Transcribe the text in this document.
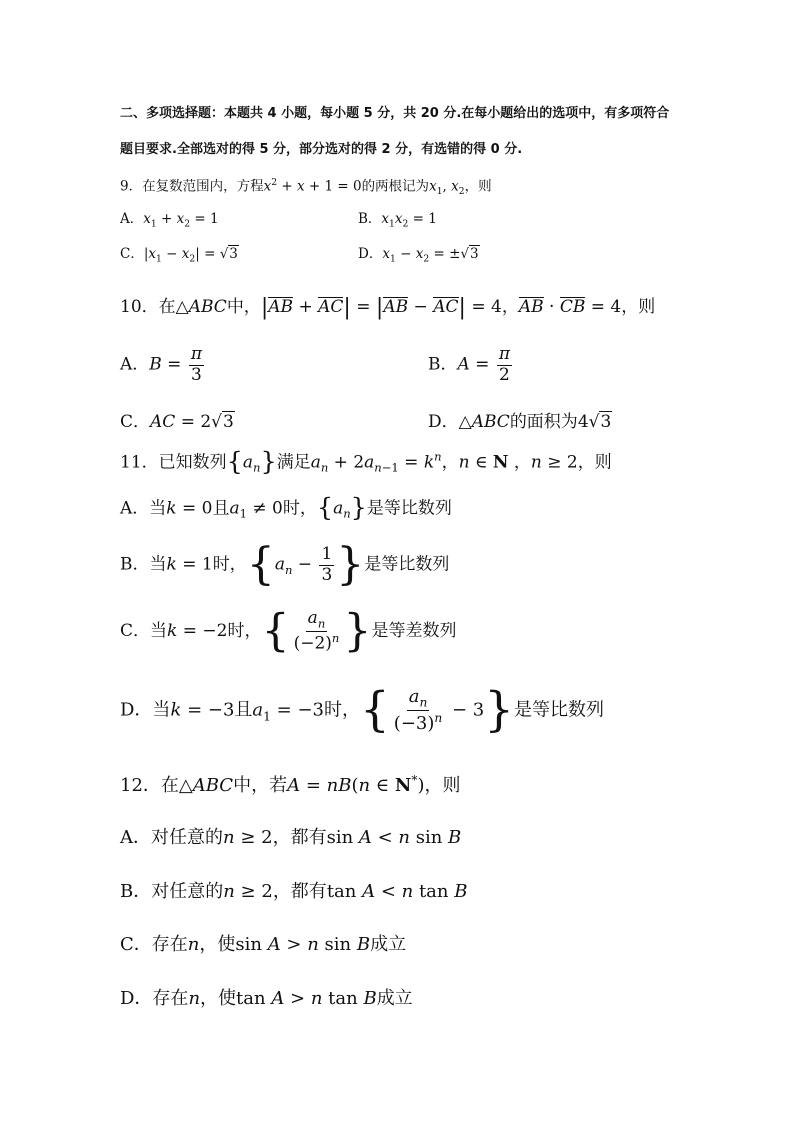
二、多项选择题：本题共 4 小题，每小题 5 分，共 20 分.在每小题给出的选项中，有多项符合
题目要求.全部选对的得 5 分，部分选对的得 2 分，有选错的得 0 分.
9．在复数范围内，方程$x^2 + x + 1 = 0$的两根记为$x_1$, $x_2$，则
A．$x_1 + x_2 = 1$	B．$x_1x_2 = 1$
C．$|x_1 - x_2| = √3$	D．$x_1 - x_2 = \pm√3$
10．在△ABC中，|AB + AC| = |AB − AC| = 4，AB · CB = 4，则
A．$B = \frac{\pi}{3}$	B．$A = \frac{\pi}{2}$
C．AC = 2√3	D．△ABC的面积为4√3
11．已知数列$\{a_n\}$满足$a_n + 2a_{n-1} = k^n$，n ∈ N ，n ≥ 2，则
A．当k = 0且$a_1 \ne 0$时，$\{a_n\}$是等比数列
B．当k = 1时，{$a_n - \frac{1}{3}$ }是等比数列
C．当k = −2时，{ $\frac{a_n}{(-2)^n}$ }是等差数列
D．当k = −3且$a_1 = -3$时，{ $\frac{a_n}{(-3)^n} - 3$}是等比数列
12．在△ABC中，若A = nB(n ∈ N*)，则
A．对任意的n ≥ 2，都有sin A < n sin B
B．对任意的n ≥ 2，都有tan A < n tan B
C．存在n，使sin A > n sin B成立
D．存在n，使tan A > n tan B成立
